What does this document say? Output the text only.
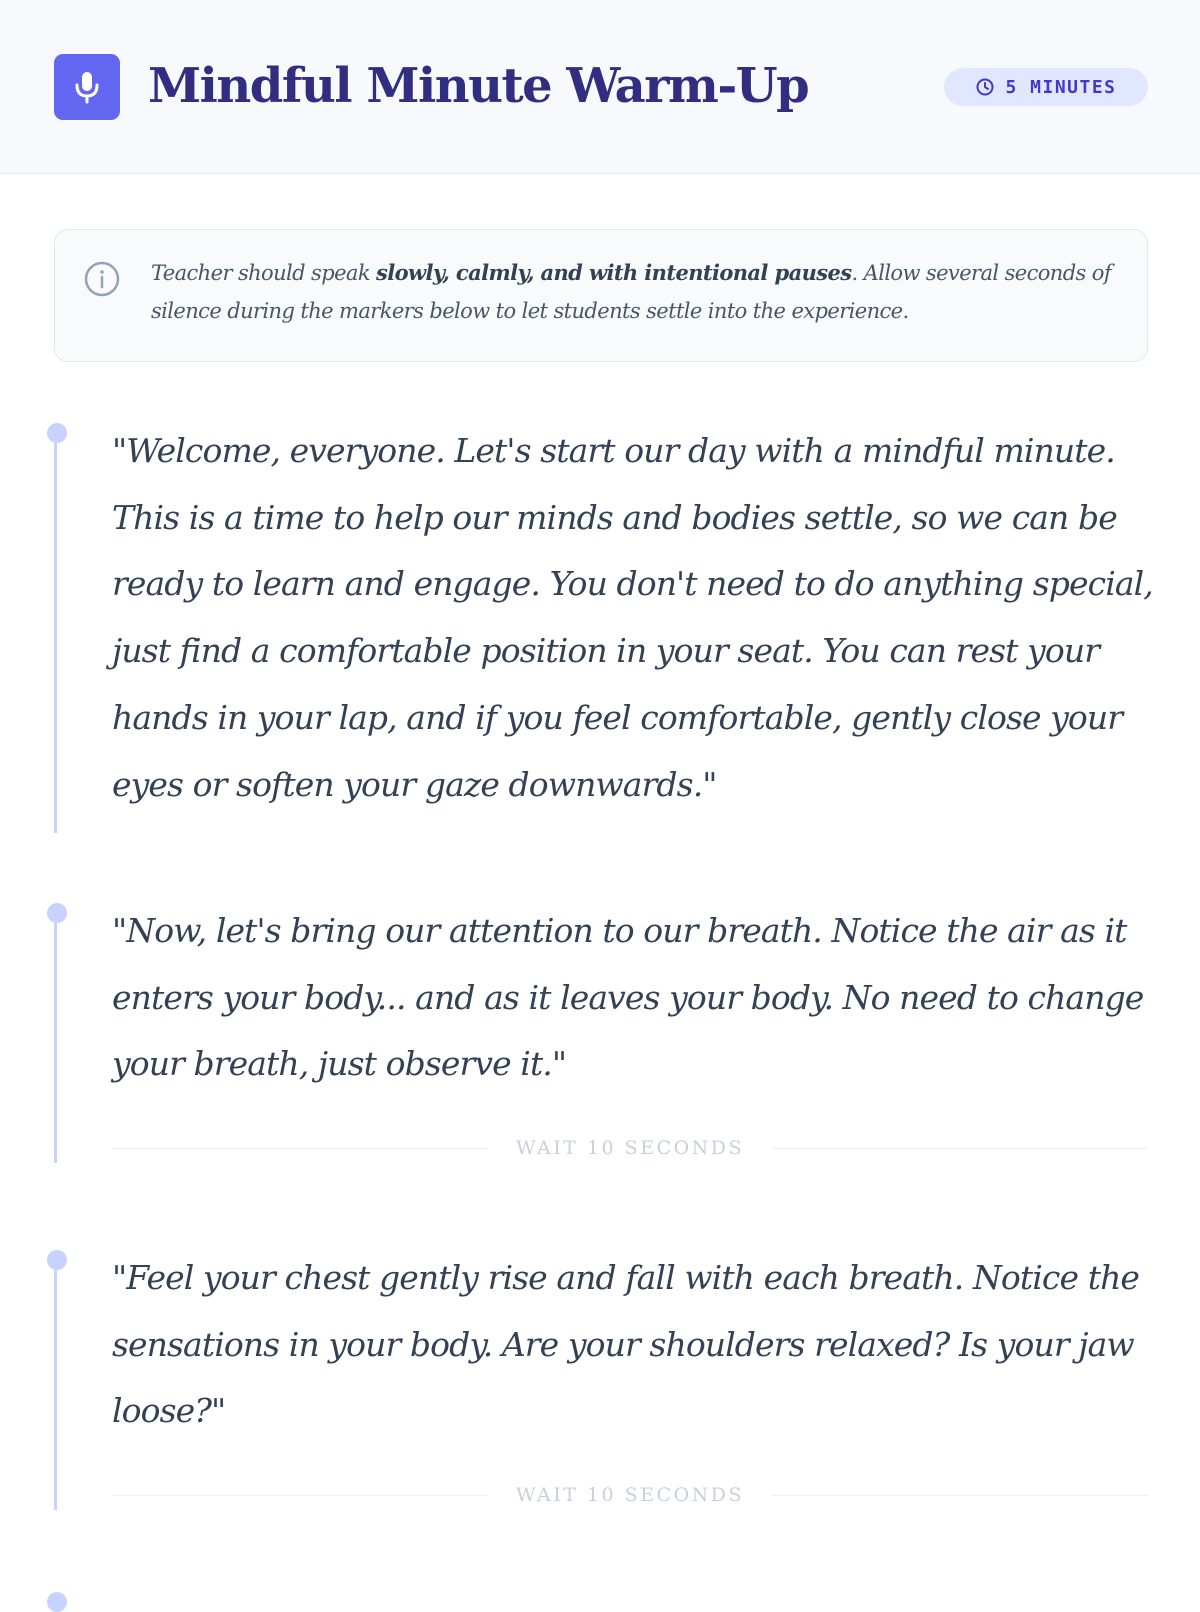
Mindful Minute Warm-Up	5 MINUTES

Teacher should speak slowly, calmly, and with intentional pauses. Allow several seconds of silence during the markers below to let students settle into the experience.

"Welcome, everyone. Let's start our day with a mindful minute. This is a time to help our minds and bodies settle, so we can be ready to learn and engage. You don't need to do anything special, just find a comfortable position in your seat. You can rest your hands in your lap, and if you feel comfortable, gently close your eyes or soften your gaze downwards."

"Now, let's bring our attention to our breath. Notice the air as it enters your body... and as it leaves your body. No need to change your breath, just observe it."

WAIT 10 SECONDS

"Feel your chest gently rise and fall with each breath. Notice the sensations in your body. Are your shoulders relaxed? Is your jaw loose?"

WAIT 10 SECONDS
